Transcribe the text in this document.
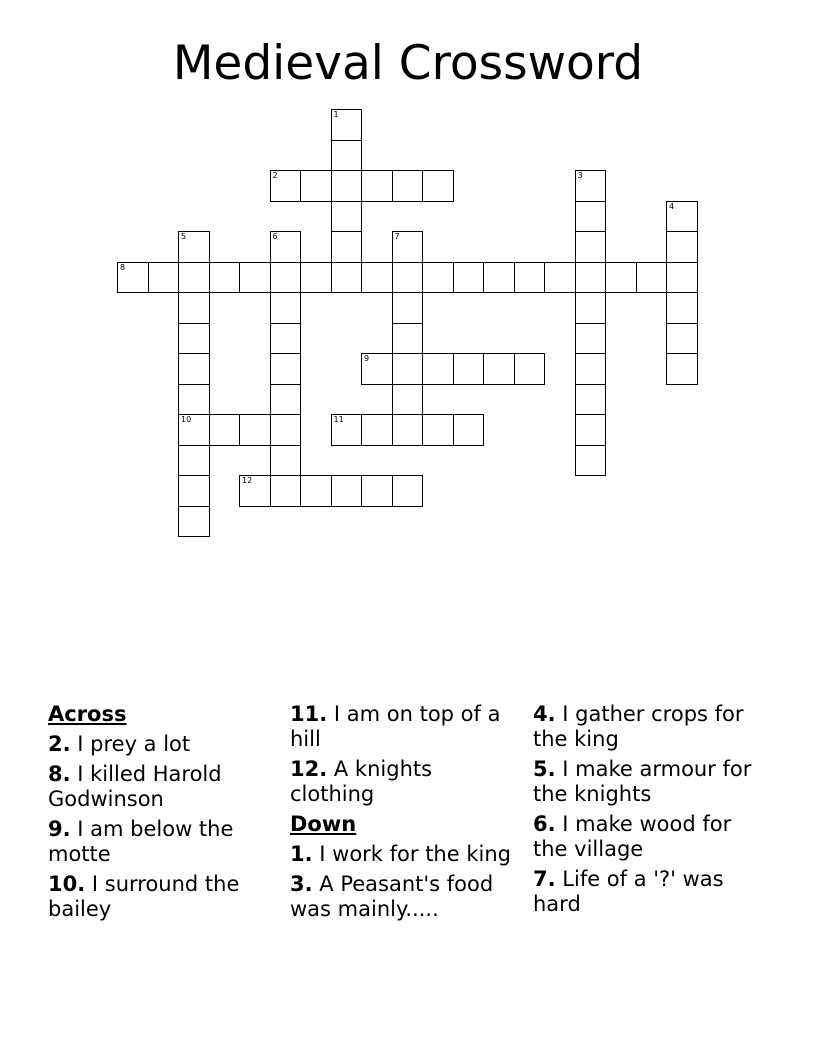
Medieval Crossword
1
2	3
4
5
10
6	7
8
9
11
12
Across
2. I prey a lot
8. I killed Harold Godwinson
9. I am below the motte
10. I surround the bailey
11. I am on top of a hill
12. A knights clothing
Down
1. I work for the king
3. A Peasant's food was mainly.....
4. I gather crops for the king
5. I make armour for the knights
6. I make wood for the village
7. Life of a '?' was hard
